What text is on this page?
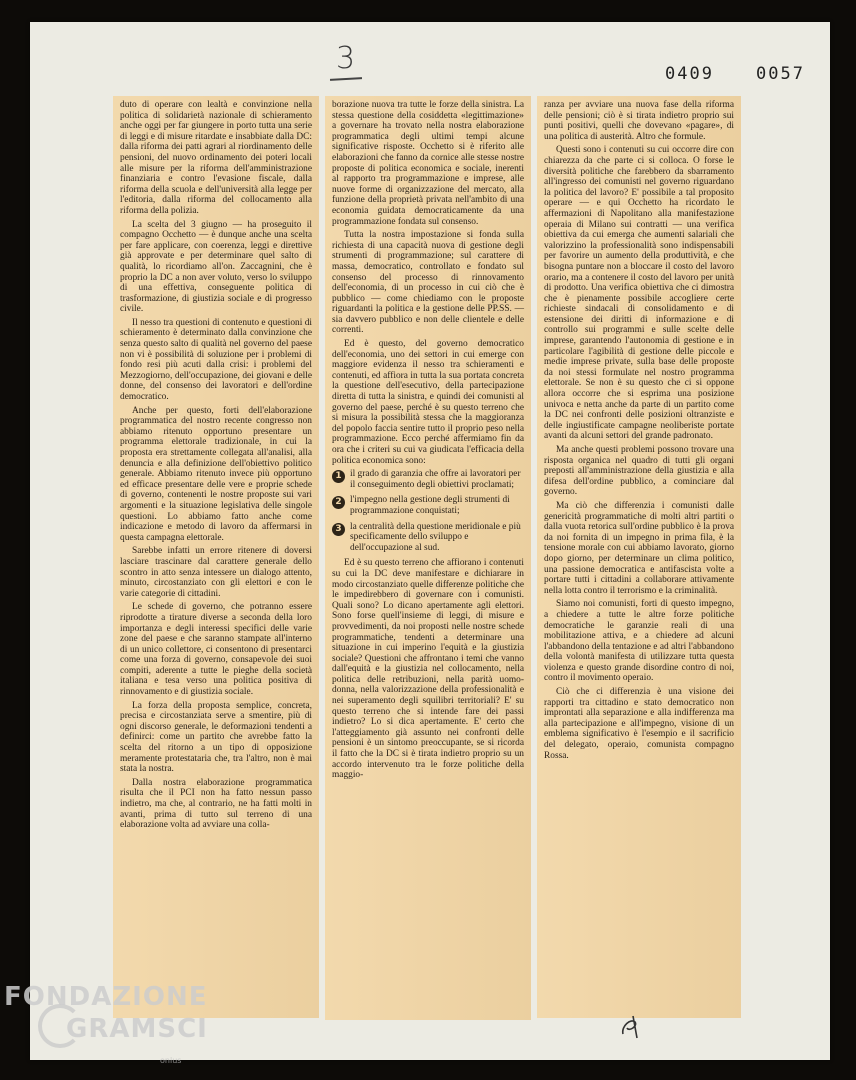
3	0409 0057

duto di operare con lealtà e convinzione nella politica di solidarietà nazionale di schieramento anche oggi per far giungere in porto tutta una serie di leggi e di misure ritardate e insabbiate dalla DC: dalla riforma dei patti agrari al riordinamento delle pensioni, del nuovo ordinamento dei poteri locali alle misure per la riforma dell'amministrazione finanziaria e contro l'evasione fiscale, dalla riforma della scuola e dell'università alla legge per l'editoria, dalla riforma del collocamento alla riforma della polizia.

La scelta del 3 giugno — ha proseguito il compagno Occhetto — è dunque anche una scelta per fare applicare, con coerenza, leggi e direttive già approvate e per determinare quel salto di qualità, lo ricordiamo all'on. Zaccagnini, che è proprio la DC a non aver voluto, verso lo sviluppo di una effettiva, conseguente politica di trasformazione, di giustizia sociale e di progresso civile.

Il nesso tra questioni di contenuto e questioni di schieramento è determinato dalla convinzione che senza questo salto di qualità nel governo del paese non vi è possibilità di soluzione per i problemi di fondo resi più acuti dalla crisi: i problemi del Mezzogiorno, dell'occupazione, dei giovani e delle donne, del consenso dei lavoratori e dell'ordine democratico.

Anche per questo, forti dell'elaborazione programmatica del nostro recente congresso non abbiamo ritenuto opportuno presentare un programma elettorale tradizionale, in cui la proposta era strettamente collegata all'analisi, alla denuncia e alla definizione dell'obiettivo politico generale. Abbiamo ritenuto invece più opportuno ed efficace presentare delle vere e proprie schede di governo, contenenti le nostre proposte sui vari argomenti e la situazione legislativa delle singole questioni. Lo abbiamo fatto anche come indicazione e metodo di lavoro da affermarsi in questa campagna elettorale.

Sarebbe infatti un errore ritenere di doversi lasciare trascinare dal carattere generale dello scontro in atto senza intessere un dialogo attento, minuto, circostanziato con gli elettori e con le varie categorie di cittadini.

Le schede di governo, che potranno essere riprodotte a tirature diverse a seconda della loro importanza e degli interessi specifici delle varie zone del paese e che saranno stampate all'interno di un unico collettore, ci consentono di presentarci come una forza di governo, consapevole dei suoi compiti, aderente a tutte le pieghe della società italiana e tesa verso una politica positiva di rinnovamento e di giustizia sociale.

La forza della proposta semplice, concreta, precisa e circostanziata serve a smentire, più di ogni discorso generale, le deformazioni tendenti a definirci: come un partito che avrebbe fatto la scelta del ritorno a un tipo di opposizione meramente protestataria che, tra l'altro, non è mai stata la nostra.

Dalla nostra elaborazione programmatica risulta che il PCI non ha fatto nessun passo indietro, ma che, al contrario, ne ha fatti molti in avanti, prima di tutto sul terreno di una elaborazione volta ad avviare una colla-

borazione nuova tra tutte le forze della sinistra. La stessa questione della cosiddetta «legittimazione» a governare ha trovato nella nostra elaborazione programmatica degli ultimi tempi alcune significative risposte. Occhetto si è riferito alle elaborazioni che fanno da cornice alle stesse nostre proposte di politica economica e sociale, inerenti al rapporto tra programmazione e imprese, alle nuove forme di organizzazione del mercato, alla funzione della proprietà privata nell'ambito di una economia guidata democraticamente da una programmazione fondata sul consenso.

Tutta la nostra impostazione si fonda sulla richiesta di una capacità nuova di gestione degli strumenti di programmazione; sul carattere di massa, democratico, controllato e fondato sul consenso del processo di rinnovamento dell'economia, di un processo in cui ciò che è pubblico — come chiediamo con le proposte riguardanti la politica e la gestione delle PP.SS. — sia davvero pubblico e non delle clientele e delle correnti.

Ed è questo, del governo democratico dell'economia, uno dei settori in cui emerge con maggiore evidenza il nesso tra schieramenti e contenuti, ed affiora in tutta la sua portata concreta la questione dell'esecutivo, della partecipazione diretta di tutta la sinistra, e quindi dei comunisti al governo del paese, perché è su questo terreno che si misura la possibilità stessa che la maggioranza del popolo faccia sentire tutto il proprio peso nella programmazione. Ecco perché affermiamo fin da ora che i criteri su cui va giudicata l'efficacia della politica economica sono:

1 il grado di garanzia che offre ai lavoratori per il conseguimento degli obiettivi proclamati;
2 l'impegno nella gestione degli strumenti di programmazione conquistati;
3 la centralità della questione meridionale e più specificamente dello sviluppo e dell'occupazione al sud.

Ed è su questo terreno che affiorano i contenuti su cui la DC deve manifestare e dichiarare in modo circostanziato quelle differenze politiche che le impedirebbero di governare con i comunisti. Quali sono? Lo dicano apertamente agli elettori. Sono forse quell'insieme di leggi, di misure e provvedimenti, da noi proposti nelle nostre schede programmatiche, tendenti a determinare una situazione in cui imperino l'equità e la giustizia sociale? Questioni che affrontano i temi che vanno dall'equità e la giustizia nel collocamento, nella politica delle retribuzioni, nella parità uomo-donna, nella valorizzazione della professionalità e nei superamento degli squilibri territoriali? E' su questo terreno che si intende fare dei passi indietro? Lo si dica apertamente. E' certo che l'atteggiamento già assunto nei confronti delle pensioni è un sintomo preoccupante, se si ricorda il fatto che la DC si è tirata indietro proprio su un accordo intervenuto tra le forze politiche della maggio-

ranza per avviare una nuova fase della riforma delle pensioni; ciò è si tirata indietro proprio sui punti positivi, quelli che dovevano «pagare», di una politica di austerità. Altro che formule.

Questi sono i contenuti su cui occorre dire con chiarezza da che parte ci si colloca. O forse le diversità politiche che farebbero da sbarramento all'ingresso dei comunisti nel governo riguardano la politica del lavoro? E' possibile a tal proposito operare — e qui Occhetto ha ricordato le affermazioni di Napolitano alla manifestazione operaia di Milano sui contratti — una verifica obiettiva da cui emerga che aumenti salariali che valorizzino la professionalità sono indispensabili per favorire un aumento della produttività, e che bisogna puntare non a bloccare il costo del lavoro orario, ma a contenere il costo del lavoro per unità di prodotto. Una verifica obiettiva che ci dimostra che è pienamente possibile accogliere certe richieste sindacali di consolidamento e di estensione dei diritti di informazione e di controllo sui programmi e sulle scelte delle imprese, garantendo l'autonomia di gestione e in particolare l'agibilità di gestione delle piccole e medie imprese private, sulla base delle proposte da noi stessi formulate nel nostro programma elettorale. Se non è su questo che ci si oppone allora occorre che si esprima una posizione univoca e netta anche da parte di un partito come la DC nei confronti delle posizioni oltranziste e delle ingiustificate campagne neoliberiste portate avanti da alcuni settori del grande padronato.

Ma anche questi problemi possono trovare una risposta organica nel quadro di tutti gli organi preposti all'amministrazione della giustizia e alla difesa dell'ordine pubblico, a cominciare dal governo.

Ma ciò che differenzia i comunisti dalle genericità programmatiche di molti altri partiti o dalla vuota retorica sull'ordine pubblico è la prova da noi fornita di un impegno in prima fila, è la tensione morale con cui abbiamo lavorato, giorno dopo giorno, per determinare un clima politico, una passione democratica e antifascista volte a portare tutti i cittadini a collaborare attivamente nella lotta contro il terrorismo e la criminalità.

Siamo noi comunisti, forti di questo impegno, a chiedere a tutte le altre forze politiche democratiche le garanzie reali di una mobilitazione attiva, e a chiedere ad alcuni l'abbandono della tentazione e ad altri l'abbandono della volontà manifesta di utilizzare tutta questa violenza e questo grande disordine contro di noi, contro il movimento operaio.

Ciò che ci differenzia è una visione dei rapporti tra cittadino e stato democratico non improntati alla separazione e alla indifferenza ma alla partecipazione e all'impegno, visione di un emblema significativo è l'esempio e il sacrificio del delegato, operaio, comunista compagno Rossa.

FONDAZIONE
GRAMSCI
onlus
